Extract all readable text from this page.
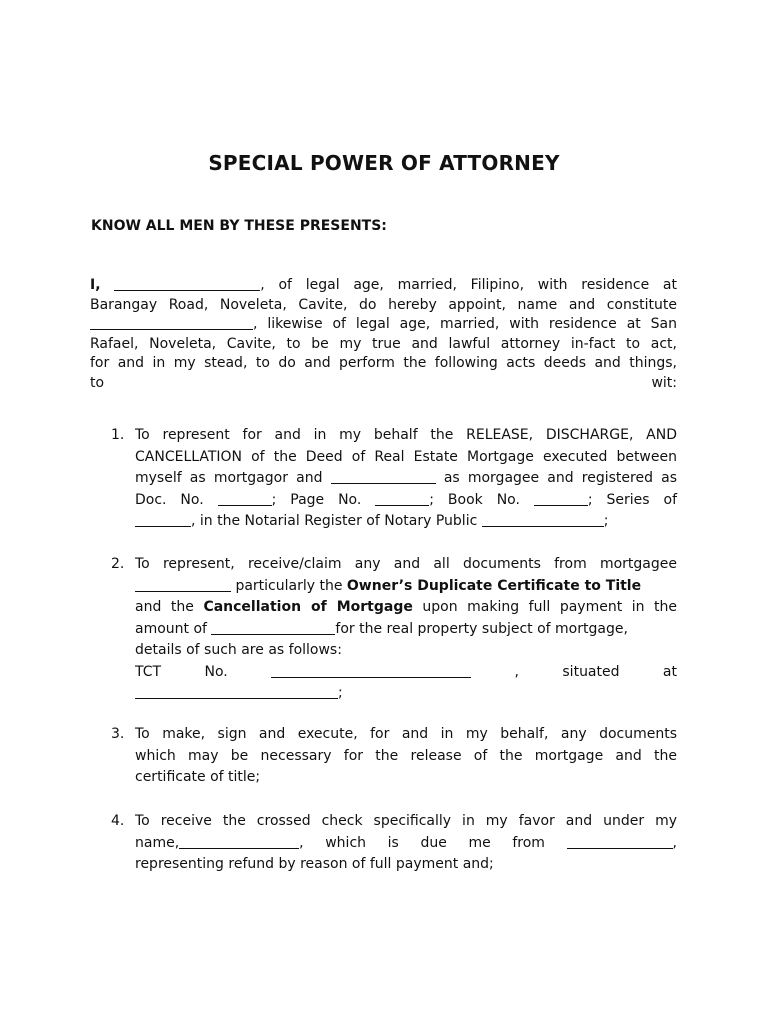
SPECIAL POWER OF ATTORNEY
KNOW ALL MEN BY THESE PRESENTS:
I,	, of legal age, married, Filipino, with residence at
Barangay Road, Noveleta, Cavite, do hereby appoint, name and constitute
, likewise of legal age, married, with residence at San
Rafael, Noveleta, Cavite, to be my true and lawful attorney in-fact to act,
for and in my stead, to do and perform the following acts deeds and things,
to	wit:
1. To represent for and in my behalf the RELEASE, DISCHARGE, AND
CANCELLATION of the Deed of Real Estate Mortgage executed between
myself as mortgagor and	as morgagee and registered as
Doc. No.	; Page No.	; Book No.	; Series of
, in the Notarial Register of Notary Public	;
2. To represent, receive/claim any and all documents from mortgagee
particularly the Owner’s Duplicate Certificate to Title
and the Cancellation of Mortgage upon making full payment in the
amount of	for the real property subject of mortgage,
details of such are as follows:
TCT	No.	,	situated	at
;
3. To make, sign and execute, for and in my behalf, any documents
which may be necessary for the release of the mortgage and the
certificate of title;
4. To receive the crossed check specifically in my favor and under my
name,	, which is due me from	,
representing refund by reason of full payment and;
